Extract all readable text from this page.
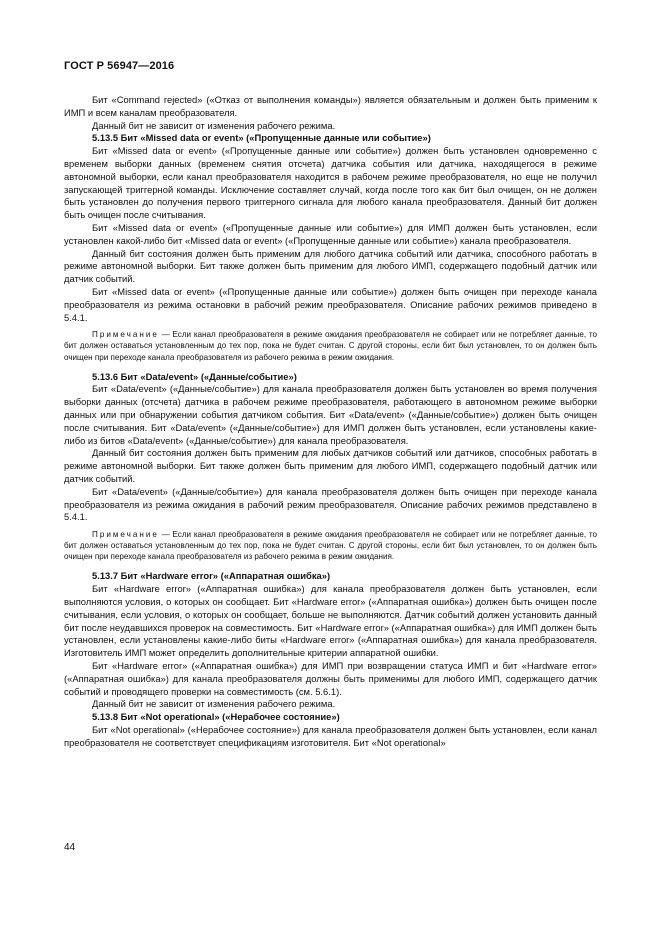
ГОСТ Р 56947—2016

Бит «Command rejected» («Отказ от выполнения команды») является обязательным и должен быть применим к ИМП и всем каналам преобразователя.

Данный бит не зависит от изменения рабочего режима.

5.13.5 Бит «Missed data or event» («Пропущенные данные или событие»)

Бит «Missed data or event» («Пропущенные данные или событие») должен быть установлен одновременно с временем выборки данных (временем снятия отсчета) датчика события или датчика, находящегося в режиме автономной выборки, если канал преобразователя находится в рабочем режиме преобразователя, но еще не получил запускающей триггерной команды. Исключение составляет случай, когда после того как бит был очищен, он не должен быть установлен до получения первого триггерного сигнала для любого канала преобразователя. Данный бит должен быть очищен после считывания.

Бит «Missed data or event» («Пропущенные данные или событие») для ИМП должен быть установлен, если установлен какой-либо бит «Missed data or event» («Пропущенные данные или событие») канала преобразователя.

Данный бит состояния должен быть применим для любого датчика событий или датчика, способного работать в режиме автономной выборки. Бит также должен быть применим для любого ИМП, содержащего подобный датчик или датчик событий.

Бит «Missed data or event» («Пропущенные данные или событие») должен быть очищен при переходе канала преобразователя из режима остановки в рабочий режим преобразователя. Описание рабочих режимов приведено в 5.4.1.

Примечание — Если канал преобразователя в режиме ожидания преобразователя не собирает или не потребляет данные, то бит должен оставаться установленным до тех пор, пока не будет считан. С другой стороны, если бит был установлен, то он должен быть очищен при переходе канала преобразователя из рабочего режима в режим ожидания.

5.13.6 Бит «Data/event» («Данные/событие»)

Бит «Data/event» («Данные/событие») для канала преобразователя должен быть установлен во время получения выборки данных (отсчета) датчика в рабочем режиме преобразователя, работающего в автономном режиме выборки данных или при обнаружении события датчиком события. Бит «Data/event» («Данные/событие») должен быть очищен после считывания. Бит «Data/event» («Данные/событие») для ИМП должен быть установлен, если установлены какие-либо из битов «Data/event» («Данные/событие») для канала преобразователя.

Данный бит состояния должен быть применим для любых датчиков событий или датчиков, способных работать в режиме автономной выборки. Бит также должен быть применим для любого ИМП, содержащего подобный датчик или датчик событий.

Бит «Data/event» («Данные/событие») для канала преобразователя должен быть очищен при переходе канала преобразователя из режима ожидания в рабочий режим преобразователя. Описание рабочих режимов представлено в 5.4.1.

Примечание — Если канал преобразователя в режиме ожидания преобразователя не собирает или не потребляет данные, то бит должен оставаться установленным до тех пор, пока не будет считан. С другой стороны, если бит был установлен, то он должен быть очищен при переходе канала преобразователя из рабочего режима в режим ожидания.

5.13.7 Бит «Hardware error» («Аппаратная ошибка»)

Бит «Hardware error» («Аппаратная ошибка») для канала преобразователя должен быть установлен, если выполняются условия, о которых он сообщает. Бит «Hardware error» («Аппаратная ошибка») должен быть очищен после считывания, если условия, о которых он сообщает, больше не выполняются. Датчик событий должен установить данный бит после неудавшихся проверок на совместимость. Бит «Hardware error» («Аппаратная ошибка») для ИМП должен быть установлен, если установлены какие-либо биты «Hardware error» («Аппаратная ошибка») для канала преобразователя. Изготовитель ИМП может определить дополнительные критерии аппаратной ошибки.

Бит «Hardware error» («Аппаратная ошибка») для ИМП при возвращении статуса ИМП и бит «Hardware error» («Аппаратная ошибка») для канала преобразователя должны быть применимы для любого ИМП, содержащего датчик событий и проводящего проверки на совместимость (см. 5.6.1).

Данный бит не зависит от изменения рабочего режима.

5.13.8 Бит «Not operational» («Нерабочее состояние»)

Бит «Not operational» («Нерабочее состояние») для канала преобразователя должен быть установлен, если канал преобразователя не соответствует спецификациям изготовителя. Бит «Not operational»

44
